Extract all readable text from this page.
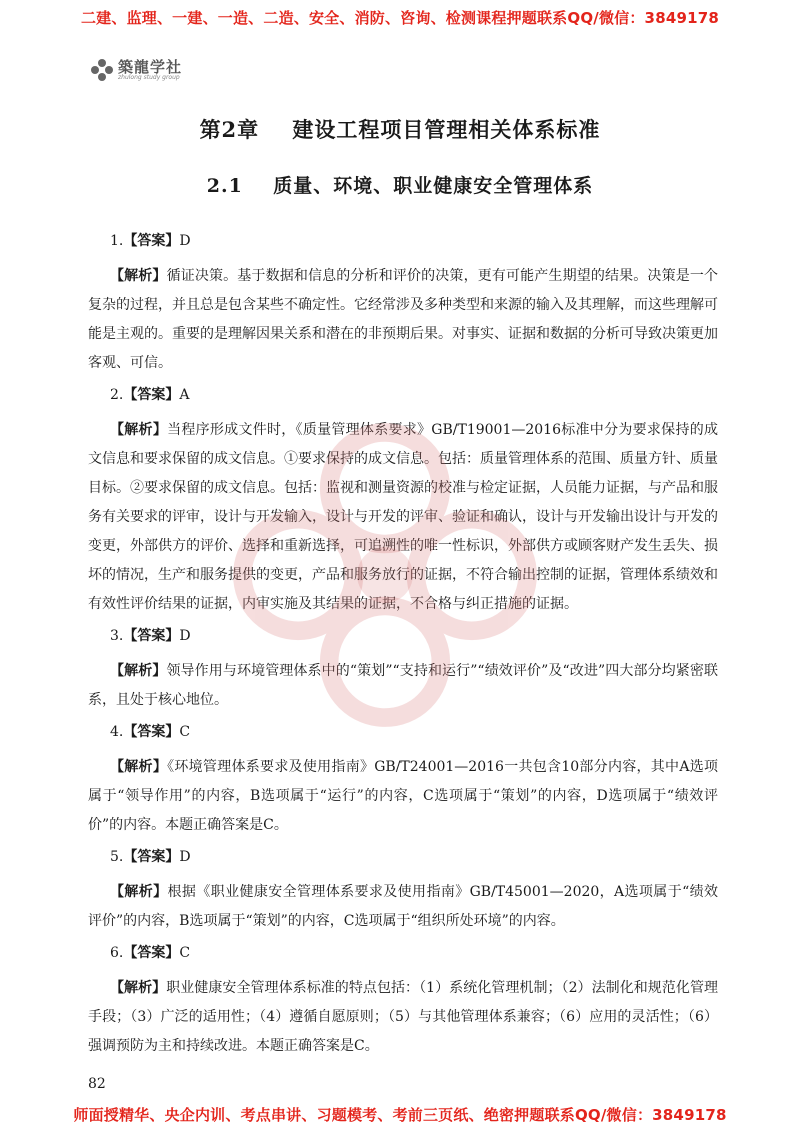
二建、监理、一建、一造、二造、安全、消防、咨询、检测课程押题联系QQ/微信：3849178
築龍学社
zhulong study group
第2章    建设工程项目管理相关体系标准
2.1    质量、环境、职业健康安全管理体系
1.【答案】D
【解析】循证决策。基于数据和信息的分析和评价的决策，更有可能产生期望的结果。决策是一个复杂的过程，并且总是包含某些不确定性。它经常涉及多种类型和来源的输入及其理解，而这些理解可能是主观的。重要的是理解因果关系和潜在的非预期后果。对事实、证据和数据的分析可导致决策更加客观、可信。
2.【答案】A
【解析】当程序形成文件时，《质量管理体系要求》GB/T19001—2016标准中分为要求保持的成文信息和要求保留的成文信息。①要求保持的成文信息。包括：质量管理体系的范围、质量方针、质量目标。②要求保留的成文信息。包括：监视和测量资源的校准与检定证据，人员能力证据，与产品和服务有关要求的评审，设计与开发输入，设计与开发的评审、验证和确认，设计与开发输出设计与开发的变更，外部供方的评价、选择和重新选择，可追溯性的唯一性标识，外部供方或顾客财产发生丢失、损坏的情况，生产和服务提供的变更，产品和服务放行的证据，不符合输出控制的证据，管理体系绩效和有效性评价结果的证据，内审实施及其结果的证据，不合格与纠正措施的证据。
3.【答案】D
【解析】领导作用与环境管理体系中的“策划”“支持和运行”“绩效评价”及“改进”四大部分均紧密联系，且处于核心地位。
4.【答案】C
【解析】《环境管理体系要求及使用指南》GB/T24001—2016一共包含10部分内容，其中A选项属于“领导作用”的内容，B选项属于“运行”的内容，C选项属于“策划”的内容，D选项属于“绩效评价”的内容。本题正确答案是C。
5.【答案】D
【解析】根据《职业健康安全管理体系要求及使用指南》GB/T45001—2020，A选项属于“绩效评价”的内容，B选项属于“策划”的内容，C选项属于“组织所处环境”的内容。
6.【答案】C
【解析】职业健康安全管理体系标准的特点包括：（1）系统化管理机制；（2）法制化和规范化管理手段；（3）广泛的适用性；（4）遵循自愿原则；（5）与其他管理体系兼容；（6）应用的灵活性；（6）强调预防为主和持续改进。本题正确答案是C。
82
师面授精华、央企内训、考点串讲、习题模考、考前三页纸、绝密押题联系QQ/微信：3849178
